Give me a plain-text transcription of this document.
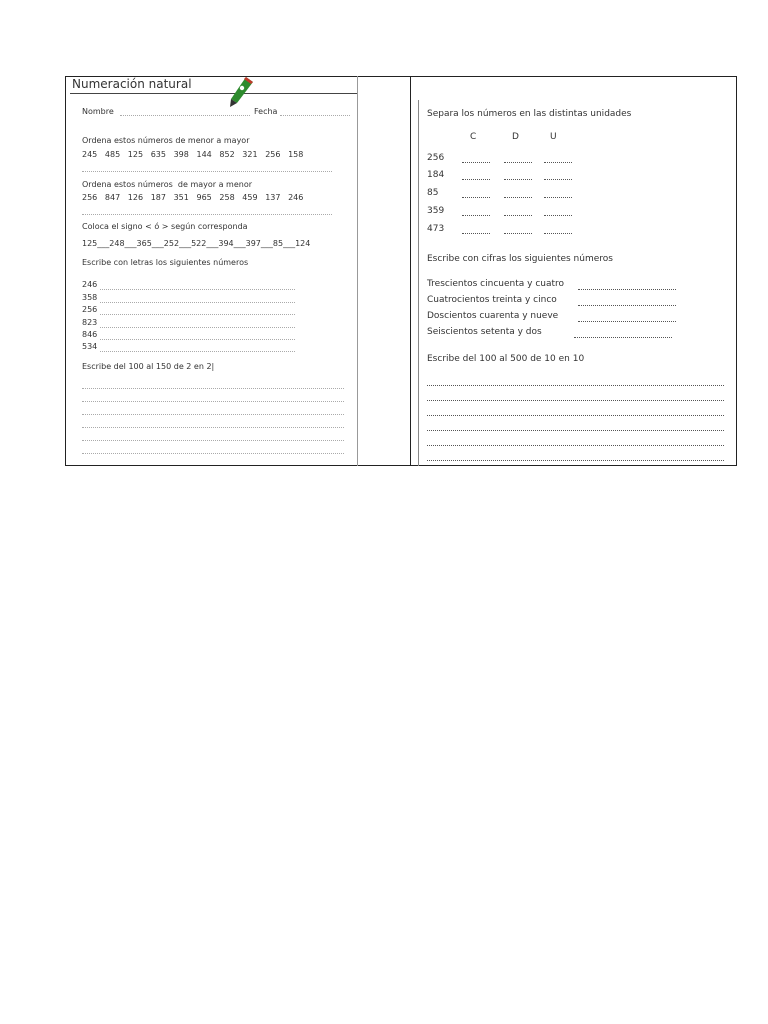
Numeración natural
Nombre	Fecha
Ordena estos números de menor a mayor
245   485   125   635   398   144   852   321   256   158
Ordena estos números  de mayor a menor
256   847   126   187   351   965   258   459   137   246
Coloca el signo < ó > según corresponda
125___248___365___252___522___394___397___85___124
Escribe con letras los siguientes números
246
358
256
823
846
534
Escribe del 100 al 150 de 2 en 2|
Separa los números en las distintas unidades
C	D	U
256
184
85
359
473
Escribe con cifras los siguientes números
Trescientos cincuenta y cuatro
Cuatrocientos treinta y cinco
Doscientos cuarenta y nueve
Seiscientos setenta y dos
Escribe del 100 al 500 de 10 en 10
